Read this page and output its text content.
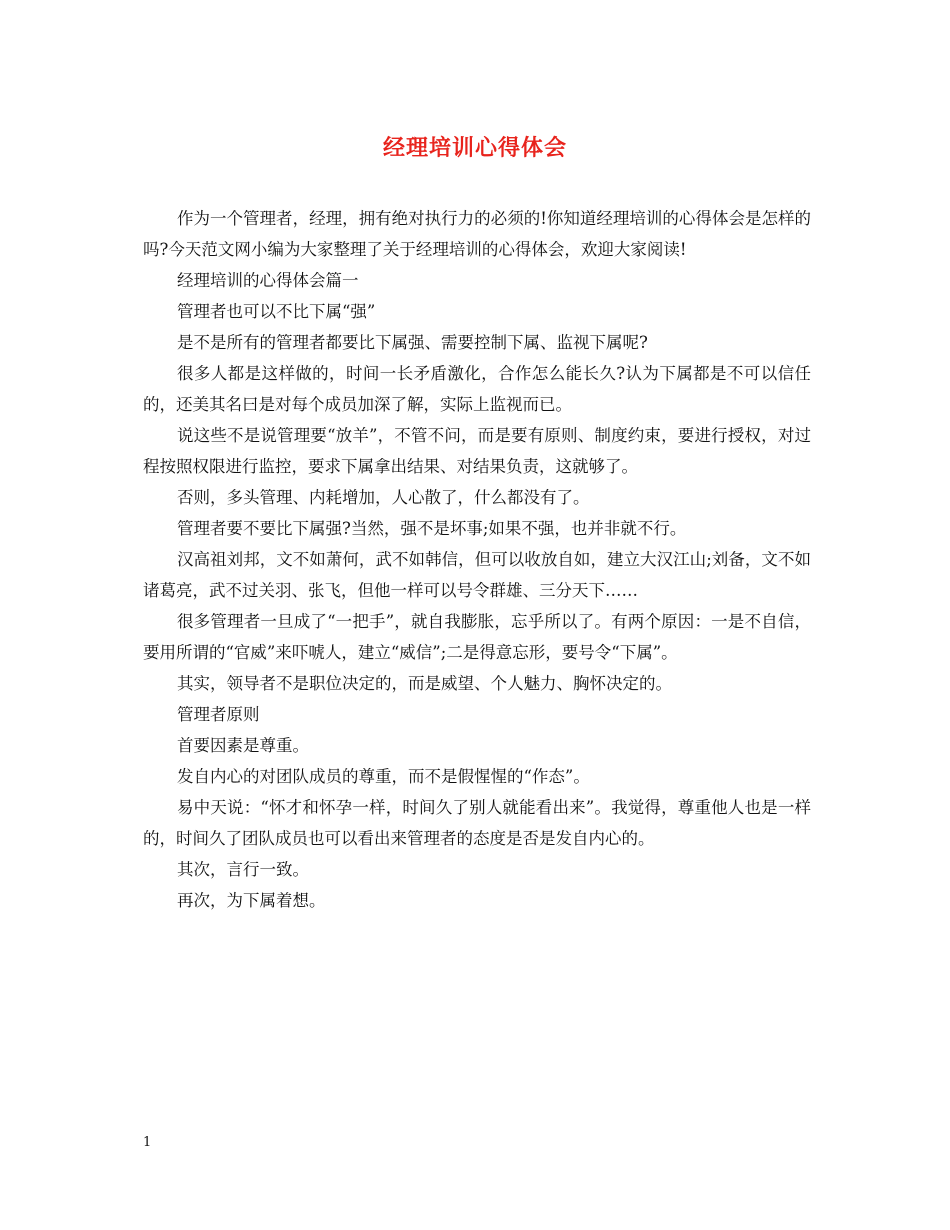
经理培训心得体会

作为一个管理者，经理，拥有绝对执行力的必须的!你知道经理培训的心得体会是怎样的吗?今天范文网小编为大家整理了关于经理培训的心得体会，欢迎大家阅读!

经理培训的心得体会篇一

管理者也可以不比下属“强”

是不是所有的管理者都要比下属强、需要控制下属、监视下属呢?

很多人都是这样做的，时间一长矛盾激化，合作怎么能长久?认为下属都是不可以信任的，还美其名曰是对每个成员加深了解，实际上监视而已。

说这些不是说管理要“放羊”，不管不问，而是要有原则、制度约束，要进行授权，对过程按照权限进行监控，要求下属拿出结果、对结果负责，这就够了。

否则，多头管理、内耗增加，人心散了，什么都没有了。

管理者要不要比下属强?当然，强不是坏事;如果不强，也并非就不行。

汉高祖刘邦，文不如萧何，武不如韩信，但可以收放自如，建立大汉江山;刘备，文不如诸葛亮，武不过关羽、张飞，但他一样可以号令群雄、三分天下……

很多管理者一旦成了“一把手”，就自我膨胀，忘乎所以了。有两个原因：一是不自信，要用所谓的“官威”来吓唬人，建立“威信”;二是得意忘形，要号令“下属”。

其实，领导者不是职位决定的，而是威望、个人魅力、胸怀决定的。

管理者原则

首要因素是尊重。

发自内心的对团队成员的尊重，而不是假惺惺的“作态”。

易中天说：“怀才和怀孕一样，时间久了别人就能看出来”。我觉得，尊重他人也是一样的，时间久了团队成员也可以看出来管理者的态度是否是发自内心的。

其次，言行一致。

再次，为下属着想。

1
